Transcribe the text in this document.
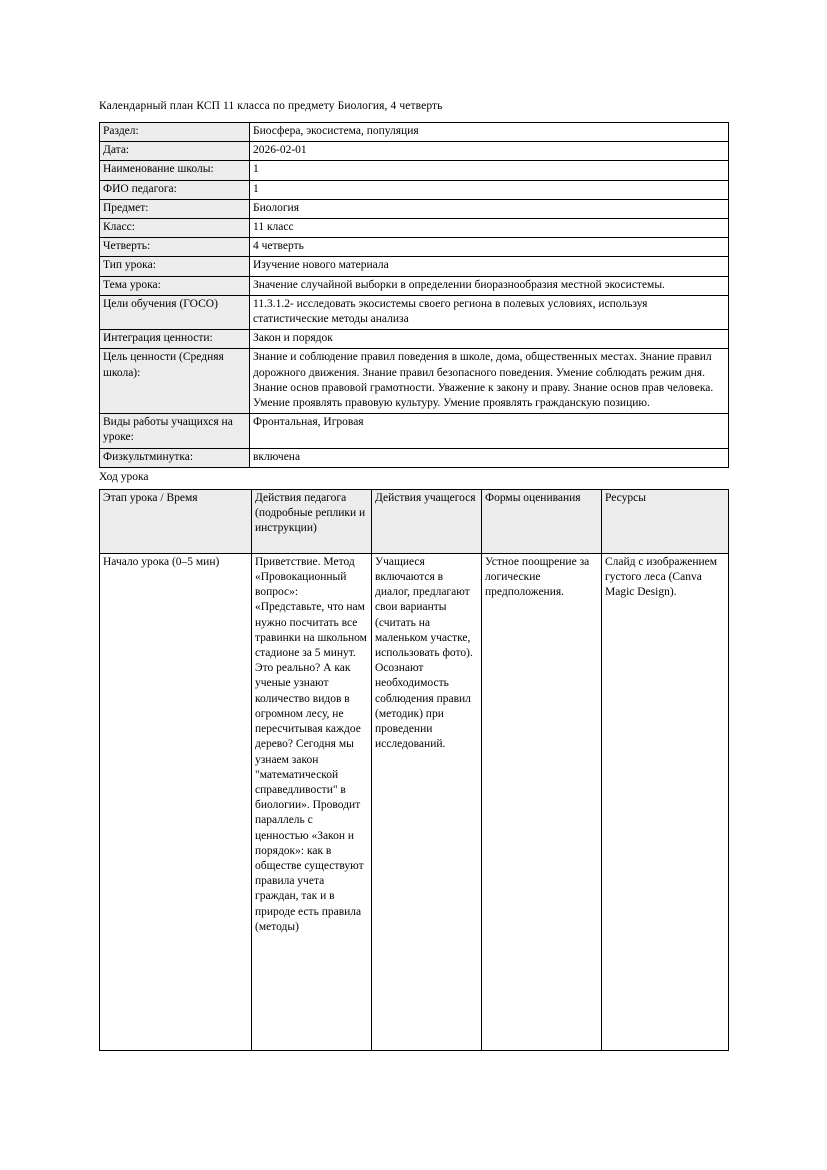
Календарный план КСП 11 класса по предмету Биология, 4 четверть

Раздел:	Биосфера, экосистема, популяция
Дата:	2026-02-01
Наименование школы:	1
ФИО педагога:	1
Предмет:	Биология
Класс:	11 класс
Четверть:	4 четверть
Тип урока:	Изучение нового материала
Тема урока:	Значение случайной выборки в определении биоразнообразия местной экосистемы.
Цели обучения (ГОСО)	11.3.1.2- исследовать экосистемы своего региона в полевых условиях, используя статистические методы анализа
Интеграция ценности:	Закон и порядок
Цель ценности (Средняя школа):	Знание и соблюдение правил поведения в школе, дома, общественных местах. Знание правил дорожного движения. Знание правил безопасного поведения. Умение соблюдать режим дня. Знание основ правовой грамотности. Уважение к закону и праву. Знание основ прав человека. Умение проявлять правовую культуру. Умение проявлять гражданскую позицию.
Виды работы учащихся на уроке:	Фронтальная, Игровая
Физкультминутка:	включена

Ход урока

Этап урока / Время	Действия педагога (подробные реплики и инструкции)	Действия учащегося	Формы оценивания	Ресурсы
Начало урока (0–5 мин)	Приветствие. Метод «Провокационный вопрос»: «Представьте, что нам нужно посчитать все травинки на школьном стадионе за 5 минут. Это реально? А как ученые узнают количество видов в огромном лесу, не пересчитывая каждое дерево? Сегодня мы узнаем закон "математической справедливости" в биологии». Проводит параллель с ценностью «Закон и порядок»: как в обществе существуют правила учета граждан, так и в природе есть правила (методы)	Учащиеся включаются в диалог, предлагают свои варианты (считать на маленьком участке, использовать фото). Осознают необходимость соблюдения правил (методик) при проведении исследований.	Устное поощрение за логические предположения.	Слайд с изображением густого леса (Canva Magic Design).
